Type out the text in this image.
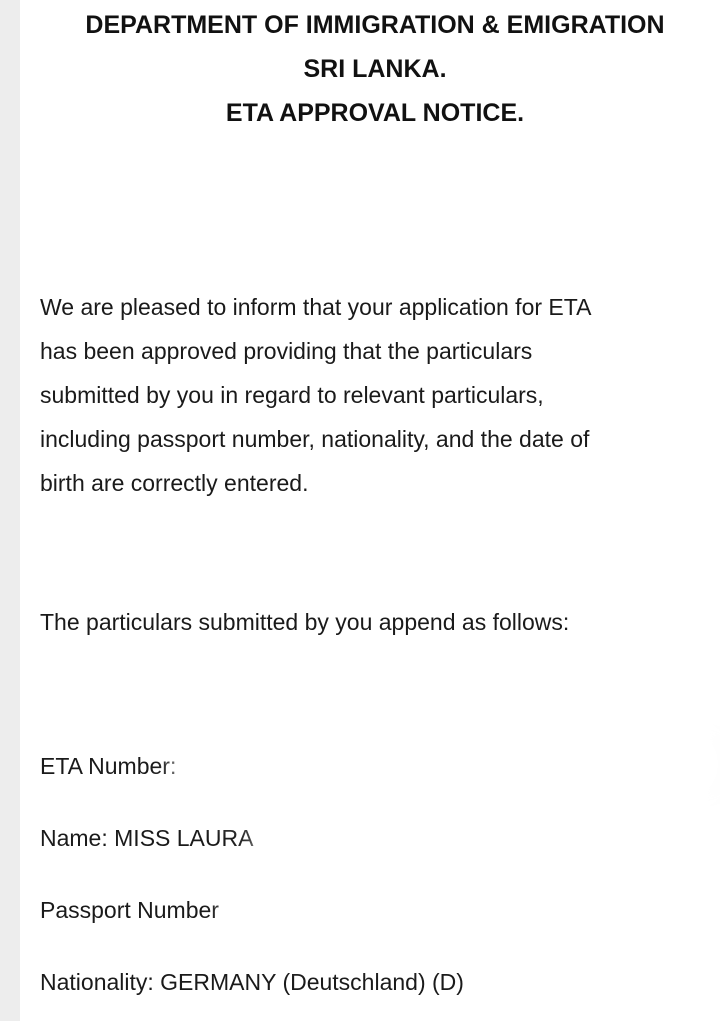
DEPARTMENT OF IMMIGRATION & EMIGRATION
SRI LANKA.
ETA APPROVAL NOTICE.

We are pleased to inform that your application for ETA
has been approved providing that the particulars
submitted by you in regard to relevant particulars,
including passport number, nationality, and the date of
birth are correctly entered.

The particulars submitted by you append as follows:

ETA Number:
Name: MISS LAURA
Passport Number
Nationality: GERMANY (Deutschland) (D)
